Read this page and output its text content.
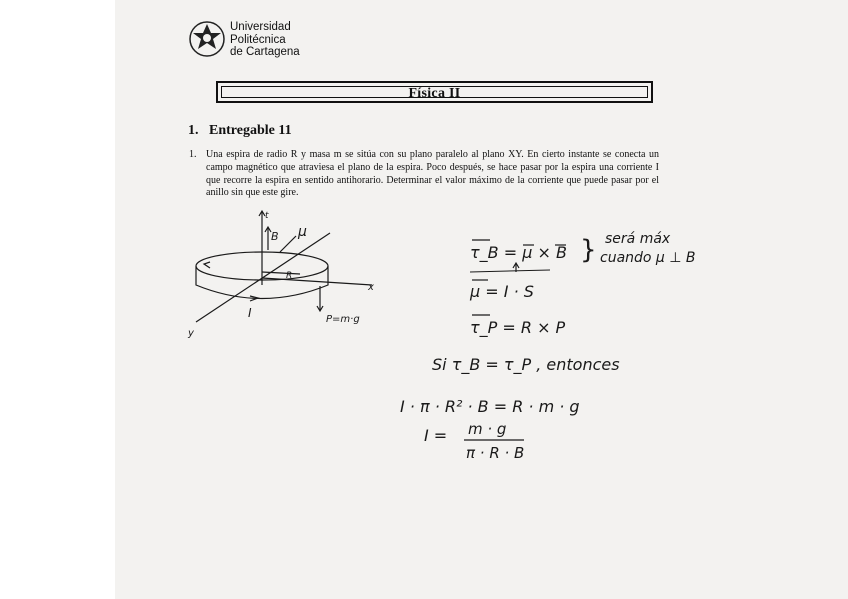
Universidad
Politécnica
de Cartagena
Física II
1.   Entregable 11
1. Una espira de radio R y masa m se sitúa con su plano paralelo al plano XY. En cierto instante se conecta un campo magnético que atraviesa el plano de la espira. Poco después, se hace pasar por la espira una corriente I que recorre la espira en sentido antihorario. Determinar el valor máximo de la corriente que puede pasar por el anillo sin que este gire.
t
B μ
R
x
y
I	P=m·g
τ_B = μ × B } será máx
cuando μ ⊥ B
μ = I · S
τ_P = R × P
Si τ_B = τ_P , entonces
I · π · R² · B = R · m · g
I = m · g
π · R · B
